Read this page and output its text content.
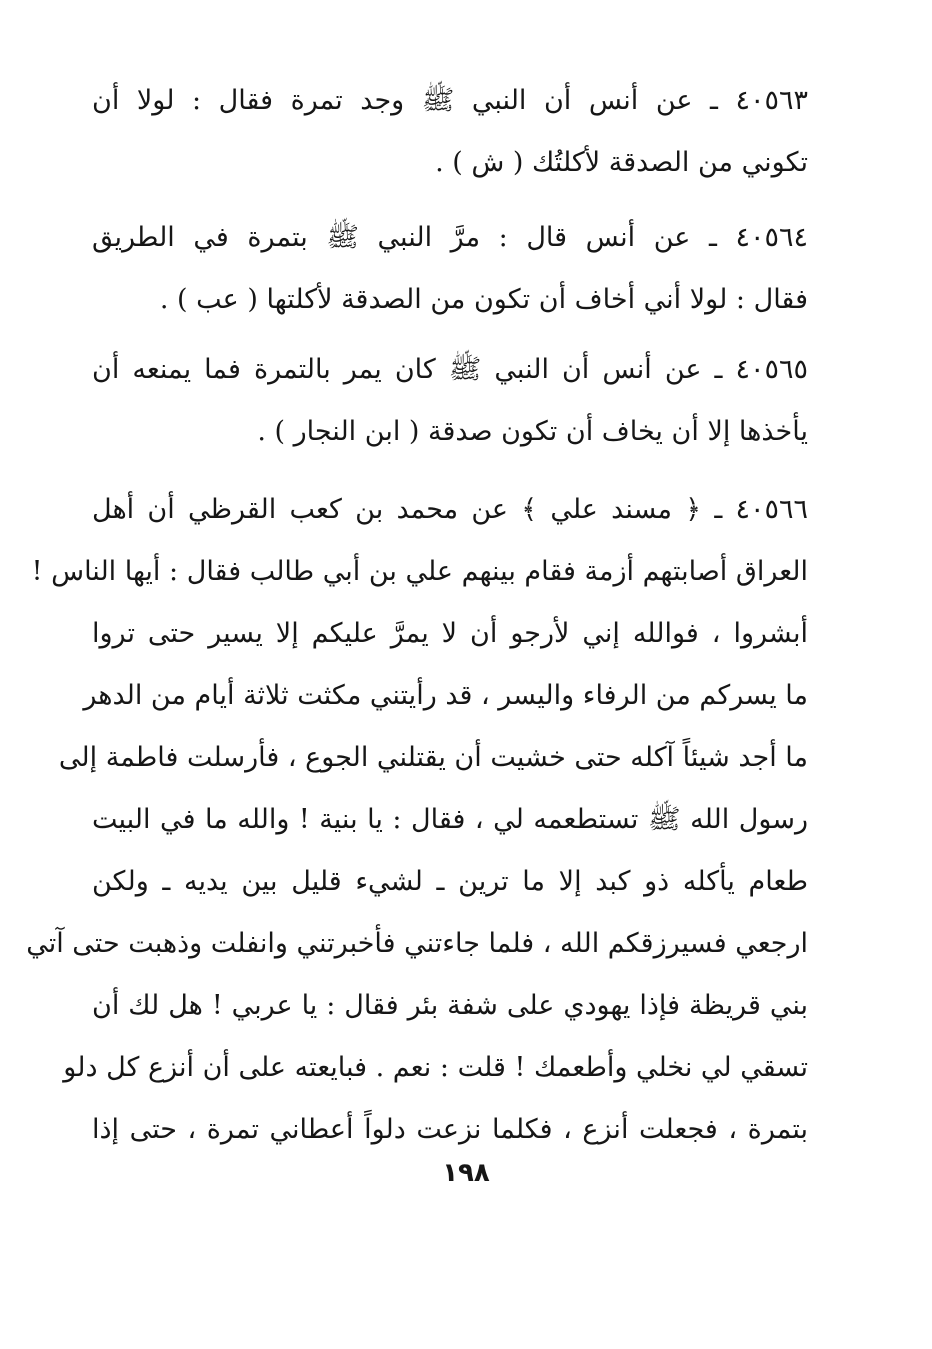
٤٠٥٦٣ ـ عن أنس أن النبي ﷺ وجد تمرة فقال : لولا أن
تكوني من الصدقة لأكلتُك ( ش ) .
٤٠٥٦٤ ـ عن أنس قال : مرَّ النبي ﷺ بتمرة في الطريق
فقال : لولا أني أخاف أن تكون من الصدقة لأكلتها ( عب ) .
٤٠٥٦٥ ـ عن أنس أن النبي ﷺ كان يمر بالتمرة فما يمنعه أن
يأخذها إلا أن يخاف أن تكون صدقة ( ابن النجار ) .
٤٠٥٦٦ ـ ﴿ مسند علي ﴾ عن محمد بن كعب القرظي أن أهل
العراق أصابتهم أزمة فقام بينهم علي بن أبي طالب فقال : أيها الناس !
أبشروا ، فوالله إني لأرجو أن لا يمرَّ عليكم إلا يسير حتى تروا
ما يسركم من الرفاء واليسر ، قد رأيتني مكثت ثلاثة أيام من الدهر
ما أجد شيئاً آكله حتى خشيت أن يقتلني الجوع ، فأرسلت فاطمة إلى
رسول الله ﷺ تستطعمه لي ، فقال : يا بنية ! والله ما في البيت
طعام يأكله ذو كبد إلا ما ترين ـ لشيء قليل بين يديه ـ ولكن
ارجعي فسيرزقكم الله ، فلما جاءتني فأخبرتني وانفلت وذهبت حتى آتي
بني قريظة فإذا يهودي على شفة بئر فقال : يا عربي ! هل لك أن
تسقي لي نخلي وأطعمك ! قلت : نعم . فبايعته على أن أنزع كل دلو
بتمرة ، فجعلت أنزع ، فكلما نزعت دلواً أعطاني تمرة ، حتى إذا
١٩٨
